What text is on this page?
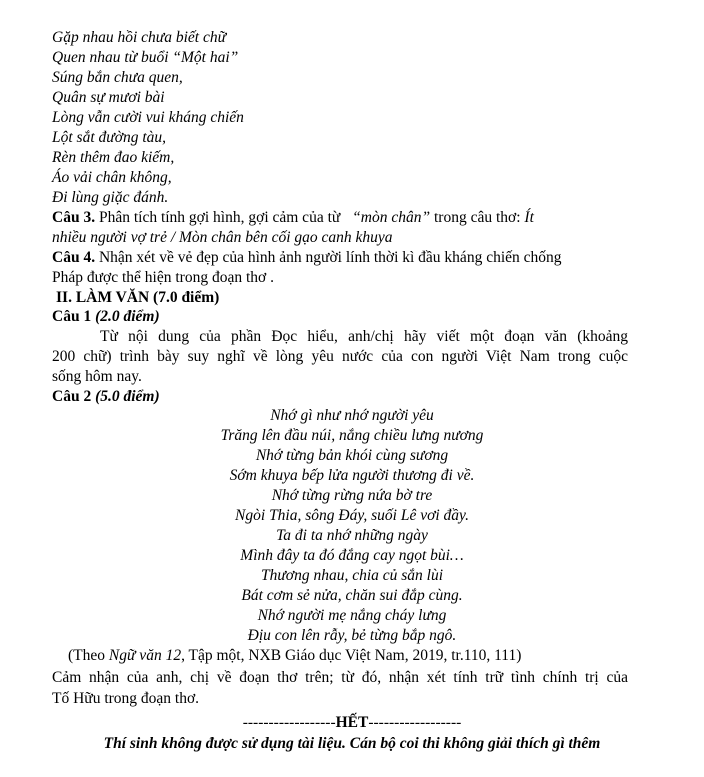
Gặp nhau hồi chưa biết chữ
Quen nhau từ buổi “Một hai”
Súng bắn chưa quen,
Quân sự mươi bài
Lòng vẫn cười vui kháng chiến
Lột sắt đường tàu,
Rèn thêm đao kiếm,
Áo vải chân không,
Đi lùng giặc đánh.
Câu 3. Phân tích tính gợi hình, gợi cảm của từ “mòn chân” trong câu thơ: Ít
nhiều người vợ trẻ / Mòn chân bên cối gạo canh khuya
Câu 4. Nhận xét về vẻ đẹp của hình ảnh người lính thời kì đầu kháng chiến chống
Pháp được thể hiện trong đoạn thơ .
II. LÀM VĂN (7.0 điểm)
Câu 1 (2.0 điểm)
Từ nội dung của phần Đọc hiểu, anh/chị hãy viết một đoạn văn (khoảng
200 chữ) trình bày suy nghĩ về lòng yêu nước của con người Việt Nam trong cuộc
sống hôm nay.
Câu 2 (5.0 điểm)
Nhớ gì như nhớ người yêu
Trăng lên đầu núi, nắng chiều lưng nương
Nhớ từng bản khói cùng sương
Sớm khuya bếp lửa người thương đi về.
Nhớ từng rừng nứa bờ tre
Ngòi Thia, sông Đáy, suối Lê vơi đầy.
Ta đi ta nhớ những ngày
Mình đây ta đó đắng cay ngọt bùi…
Thương nhau, chia củ sắn lùi
Bát cơm sẻ nửa, chăn sui đắp cùng.
Nhớ người mẹ nắng cháy lưng
Địu con lên rẫy, bẻ từng bắp ngô.
(Theo Ngữ văn 12, Tập một, NXB Giáo dục Việt Nam, 2019, tr.110, 111)
Cảm nhận của anh, chị về đoạn thơ trên; từ đó, nhận xét tính trữ tình chính trị của
Tố Hữu trong đoạn thơ.
------------------HẾT------------------
Thí sinh không được sử dụng tài liệu. Cán bộ coi thi không giải thích gì thêm
